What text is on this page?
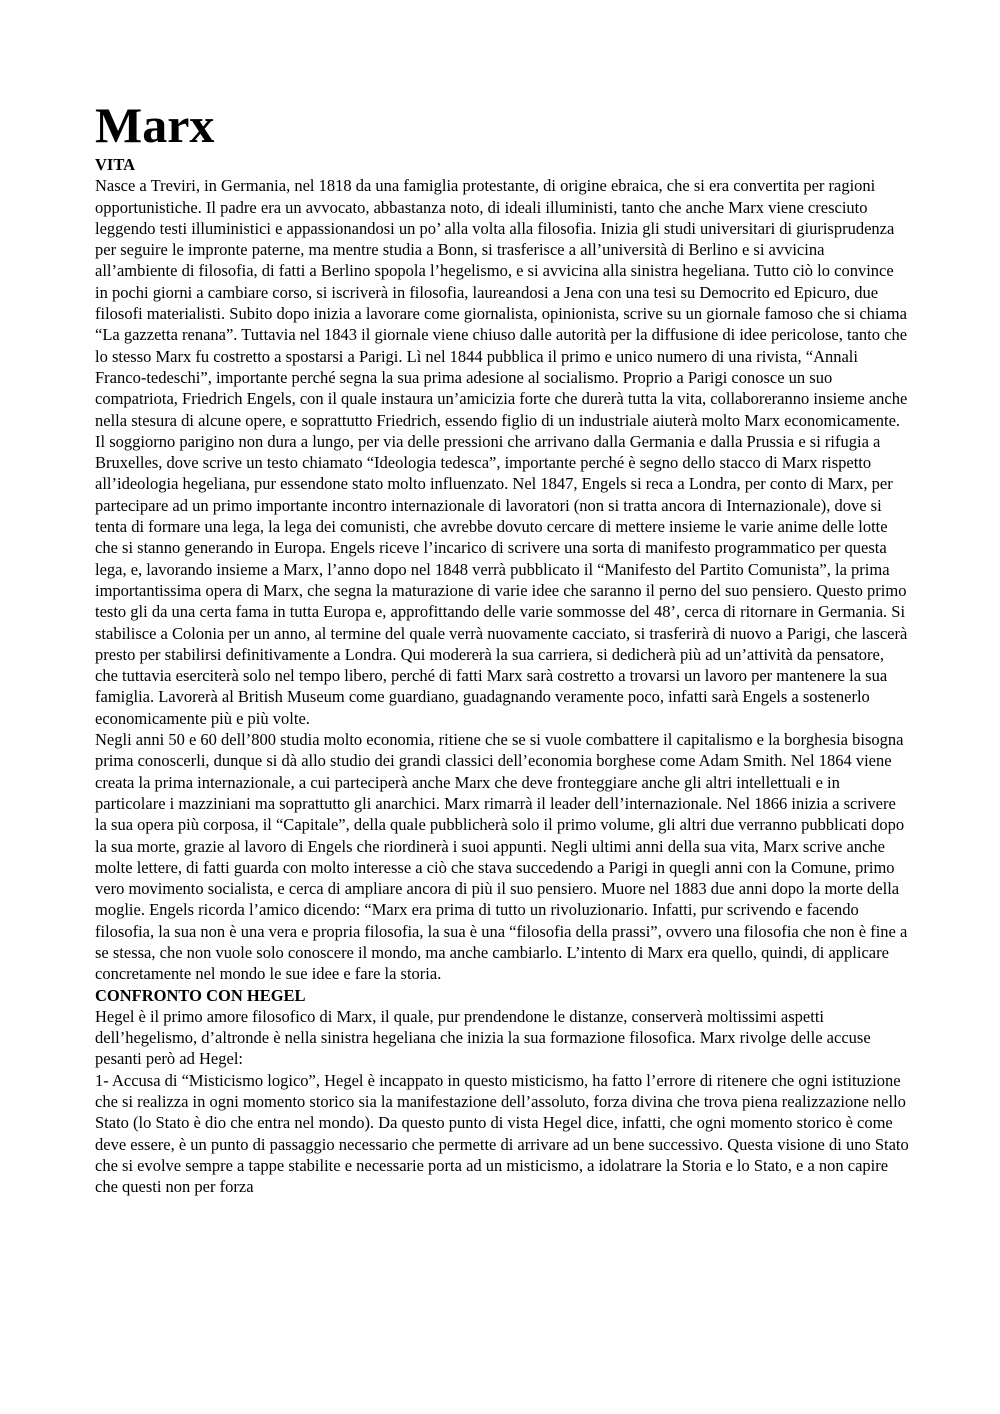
Marx
VITA

Nasce a Treviri, in Germania, nel 1818 da una famiglia protestante, di origine ebraica, che si era convertita per ragioni opportunistiche. Il padre era un avvocato, abbastanza noto, di ideali illuministi, tanto che anche Marx viene cresciuto leggendo testi illuministici e appassionandosi un po’ alla volta alla filosofia. Inizia gli studi universitari di giurisprudenza per seguire le impronte paterne, ma mentre studia a Bonn, si trasferisce a all’università di Berlino e si avvicina all’ambiente di filosofia, di fatti a Berlino spopola l’hegelismo, e si avvicina alla sinistra hegeliana. Tutto ciò lo convince in pochi giorni a cambiare corso, si iscriverà in filosofia, laureandosi a Jena con una tesi su Democrito ed Epicuro, due filosofi materialisti. Subito dopo inizia a lavorare come giornalista, opinionista, scrive su un giornale famoso che si chiama “La gazzetta renana”. Tuttavia nel 1843 il giornale viene chiuso dalle autorità per la diffusione di idee pericolose, tanto che lo stesso Marx fu costretto a spostarsi a Parigi. Lì nel 1844 pubblica il primo e unico numero di una rivista, “Annali Franco-tedeschi”, importante perché segna la sua prima adesione al socialismo. Proprio a Parigi conosce un suo compatriota, Friedrich Engels, con il quale instaura un’amicizia forte che durerà tutta la vita, collaboreranno insieme anche nella stesura di alcune opere, e soprattutto Friedrich, essendo figlio di un industriale aiuterà molto Marx economicamente. Il soggiorno parigino non dura a lungo, per via delle pressioni che arrivano dalla Germania e dalla Prussia e si rifugia a Bruxelles, dove scrive un testo chiamato “Ideologia tedesca”, importante perché è segno dello stacco di Marx rispetto all’ideologia hegeliana, pur essendone stato molto influenzato. Nel 1847, Engels si reca a Londra, per conto di Marx, per partecipare ad un primo importante incontro internazionale di lavoratori (non si tratta ancora di Internazionale), dove si tenta di formare una lega, la lega dei comunisti, che avrebbe dovuto cercare di mettere insieme le varie anime delle lotte che si stanno generando in Europa. Engels riceve l’incarico di scrivere una sorta di manifesto programmatico per questa lega, e, lavorando insieme a Marx, l’anno dopo nel 1848 verrà pubblicato il “Manifesto del Partito Comunista”, la prima importantissima opera di Marx, che segna la maturazione di varie idee che saranno il perno del suo pensiero. Questo primo testo gli da una certa fama in tutta Europa e, approfittando delle varie sommosse del 48’, cerca di ritornare in Germania. Si stabilisce a Colonia per un anno, al termine del quale verrà nuovamente cacciato, si trasferirà di nuovo a Parigi, che lascerà presto per stabilirsi definitivamente a Londra. Qui modererà la sua carriera, si dedicherà più ad un’attività da pensatore, che tuttavia eserciterà solo nel tempo libero, perché di fatti Marx sarà costretto a trovarsi un lavoro per mantenere la sua famiglia. Lavorerà al British Museum come guardiano, guadagnando veramente poco, infatti sarà Engels a sostenerlo economicamente più e più volte.

Negli anni 50 e 60 dell’800 studia molto economia, ritiene che se si vuole combattere il capitalismo e la borghesia bisogna prima conoscerli, dunque si dà allo studio dei grandi classici dell’economia borghese come Adam Smith. Nel 1864 viene creata la prima internazionale, a cui parteciperà anche Marx che deve fronteggiare anche gli altri intellettuali e in particolare i mazziniani ma soprattutto gli anarchici. Marx rimarrà il leader dell’internazionale. Nel 1866 inizia a scrivere la sua opera più corposa, il “Capitale”, della quale pubblicherà solo il primo volume, gli altri due verranno pubblicati dopo la sua morte, grazie al lavoro di Engels che riordinerà i suoi appunti. Negli ultimi anni della sua vita, Marx scrive anche molte lettere, di fatti guarda con molto interesse a ciò che stava succedendo a Parigi in quegli anni con la Comune, primo vero movimento socialista, e cerca di ampliare ancora di più il suo pensiero. Muore nel 1883 due anni dopo la morte della moglie. Engels ricorda l’amico dicendo: “Marx era prima di tutto un rivoluzionario. Infatti, pur scrivendo e facendo filosofia, la sua non è una vera e propria filosofia, la sua è una “filosofia della prassi”, ovvero una filosofia che non è fine a se stessa, che non vuole solo conoscere il mondo, ma anche cambiarlo. L’intento di Marx era quello, quindi, di applicare concretamente nel mondo le sue idee e fare la storia.

CONFRONTO CON HEGEL

Hegel è il primo amore filosofico di Marx, il quale, pur prendendone le distanze, conserverà moltissimi aspetti dell’hegelismo, d’altronde è nella sinistra hegeliana che inizia la sua formazione filosofica. Marx rivolge delle accuse pesanti però ad Hegel:

1- Accusa di “Misticismo logico”, Hegel è incappato in questo misticismo, ha fatto l’errore di ritenere che ogni istituzione che si realizza in ogni momento storico sia la manifestazione dell’assoluto, forza divina che trova piena realizzazione nello Stato (lo Stato è dio che entra nel mondo). Da questo punto di vista Hegel dice, infatti, che ogni momento storico è come deve essere, è un punto di passaggio necessario che permette di arrivare ad un bene successivo. Questa visione di uno Stato che si evolve sempre a tappe stabilite e necessarie porta ad un misticismo, a idolatrare la Storia e lo Stato, e a non capire che questi non per forza
